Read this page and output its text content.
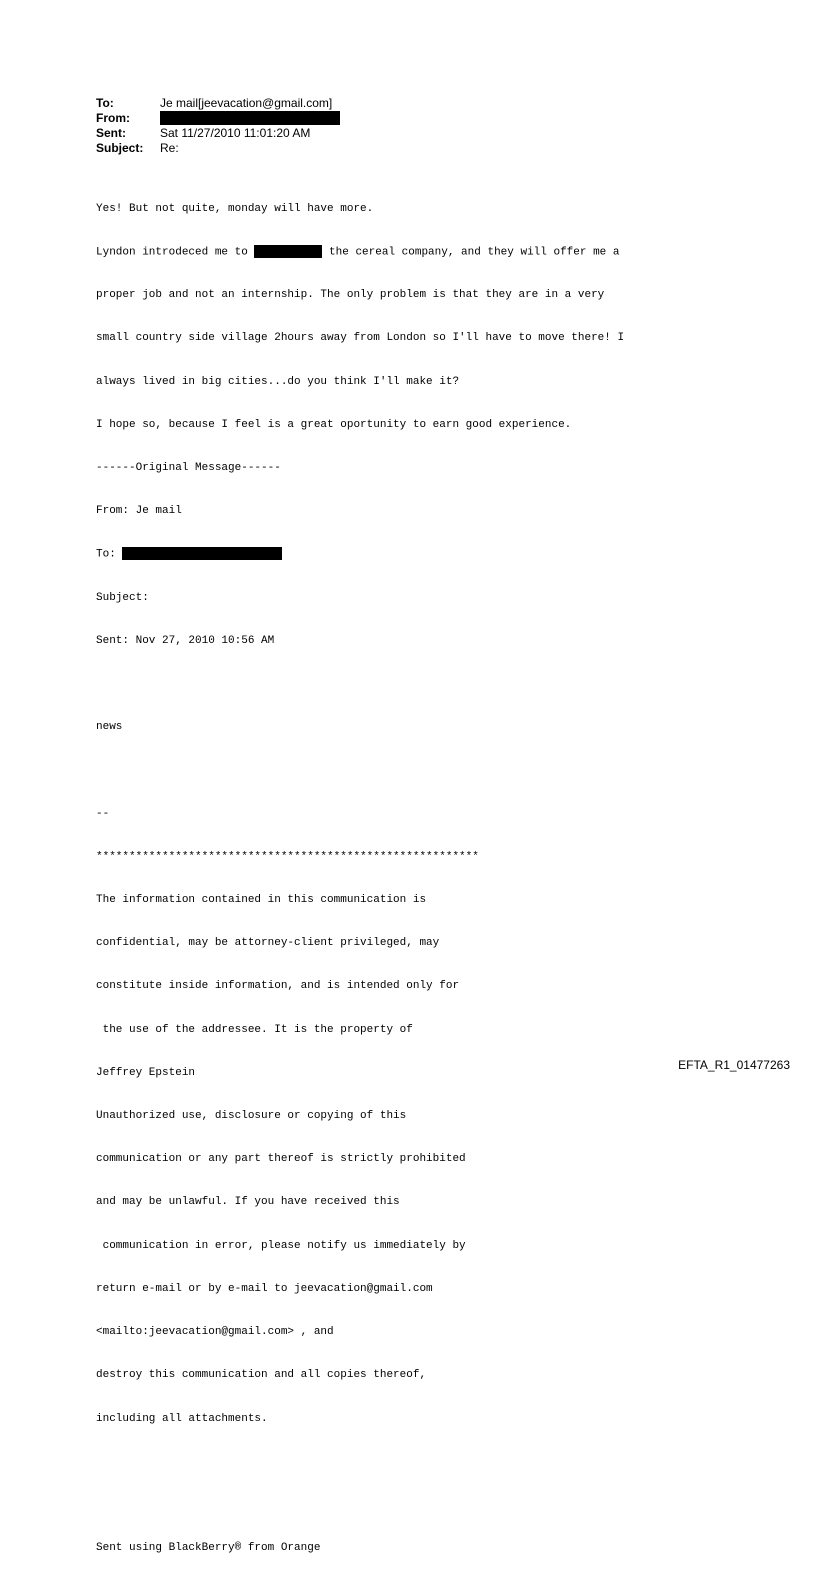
To:	Je mail[jeevacation@gmail.com]
From:
Sent:	Sat 11/27/2010 11:01:20 AM
Subject:	Re:

Yes! But not quite, monday will have more.

Lyndon introdeced me to	the cereal company, and they will offer me a

proper job and not an internship. The only problem is that they are in a very

small country side village 2hours away from London so I'll have to move there! I

always lived in big cities...do you think I'll make it?

I hope so, because I feel is a great oportunity to earn good experience.

------Original Message------

From: Je mail

To:

Subject:

Sent: Nov 27, 2010 10:56 AM

news

--

**********************************************************

The information contained in this communication is

confidential, may be attorney-client privileged, may

constitute inside information, and is intended only for

the use of the addressee. It is the property of

Jeffrey Epstein

Unauthorized use, disclosure or copying of this

communication or any part thereof is strictly prohibited

and may be unlawful. If you have received this

communication in error, please notify us immediately by

return e-mail or by e-mail to jeevacation@gmail.com

<mailto:jeevacation@gmail.com> , and

destroy this communication and all copies thereof,

including all attachments.

Sent using BlackBerry® from Orange

EFTA_R1_01477263
